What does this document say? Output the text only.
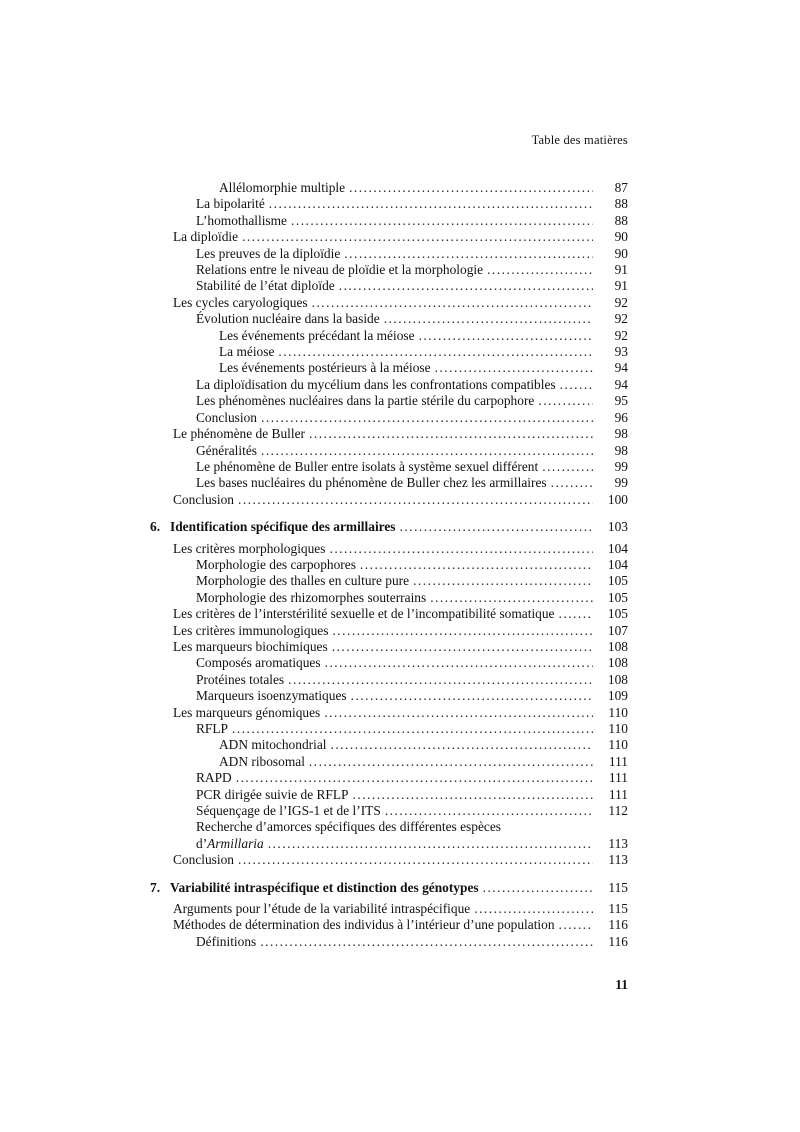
Table des matières
Allélomorphie multiple .....	87
La bipolarité .....	88
L’homothallisme .....	88
La diploïdie .....	90
Les preuves de la diploïdie .....	90
Relations entre le niveau de ploïdie et la morphologie .....	91
Stabilité de l’état diploïde .....	91
Les cycles caryologiques .....	92
Évolution nucléaire dans la baside .....	92
Les événements précédant la méiose .....	92
La méiose .....	93
Les événements postérieurs à la méiose .....	94
La diploïdisation du mycélium dans les confrontations compatibles .....	94
Les phénomènes nucléaires dans la partie stérile du carpophore .....	95
Conclusion .....	96
Le phénomène de Buller .....	98
Généralités .....	98
Le phénomène de Buller entre isolats à système sexuel différent .....	99
Les bases nucléaires du phénomène de Buller chez les armillaires .....	99
Conclusion .....	100
6. Identification spécifique des armillaires .....	103
Les critères morphologiques .....	104
Morphologie des carpophores .....	104
Morphologie des thalles en culture pure .....	105
Morphologie des rhizomorphes souterrains .....	105
Les critères de l’interstérilité sexuelle et de l’incompatibilité somatique .....	105
Les critères immunologiques .....	107
Les marqueurs biochimiques .....	108
Composés aromatiques .....	108
Protéines totales .....	108
Marqueurs isoenzymatiques .....	109
Les marqueurs génomiques .....	110
RFLP .....	110
ADN mitochondrial .....	110
ADN ribosomal .....	111
RAPD .....	111
PCR dirigée suivie de RFLP .....	111
Séquençage de l’IGS-1 et de l’ITS .....	112
Recherche d’amorces spécifiques des différentes espèces
d’Armillaria .....	113
Conclusion .....	113
7. Variabilité intraspécifique et distinction des génotypes .....	115
Arguments pour l’étude de la variabilité intraspécifique .....	115
Méthodes de détermination des individus à l’intérieur d’une population .....	116
Définitions .....	116
11
